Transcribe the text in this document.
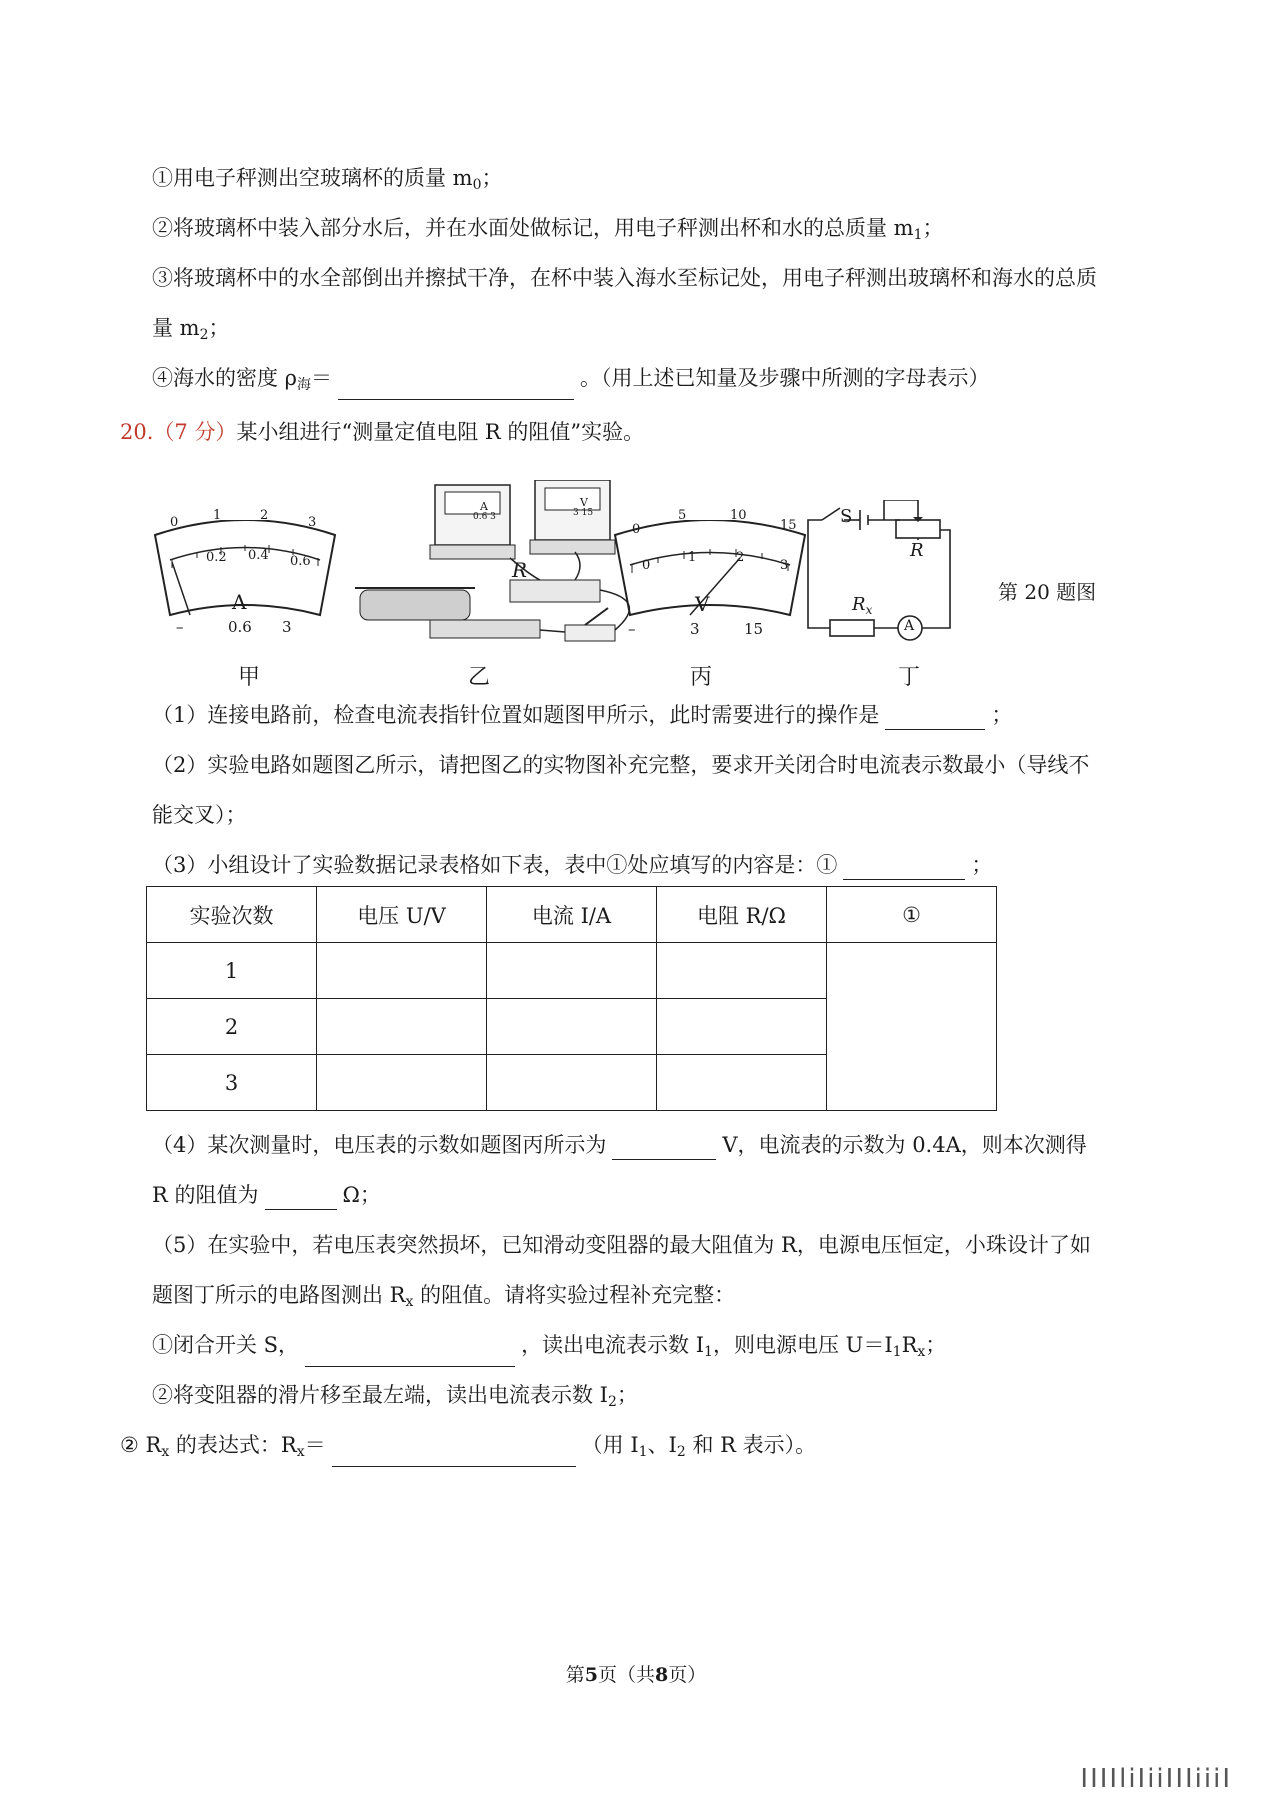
①用电子秤测出空玻璃杯的质量 $m_0$；
②将玻璃杯中装入部分水后，并在水面处做标记，用电子秤测出杯和水的总质量 $m_1$；
③将玻璃杯中的水全部倒出并擦拭干净，在杯中装入海水至标记处，用电子秤测出玻璃杯和海水的总质
量 $m_2$；
④海水的密度 $\rho_海=$	。（用上述已知量及步骤中所测的字母表示）
20.（7 分）某小组进行“测量定值电阻 R 的阻值”实验。
0	1	2	3
0.2 0.4 0.6
A
–	0.6 3
甲
R
A	V
0.6 3	3 15
乙
0
5	10
15
0
1	2
3
V
–	3	15
丙
S
R
$R_x$
A
丁
第 20 题图
（1）连接电路前，检查电流表指针位置如题图甲所示，此时需要进行的操作是	；
（2）实验电路如题图乙所示，请把图乙的实物图补充完整，要求开关闭合时电流表示数最小（导线不
能交叉）；
（3）小组设计了实验数据记录表格如下表，表中①处应填写的内容是：①	；
实验次数	电压 U/V	电流 I/A	电阻 R/Ω	①
1				
2				
3				
（4）某次测量时，电压表的示数如题图丙所示为	V，电流表的示数为 0.4A，则本次测得
R 的阻值为	Ω；
（5）在实验中，若电压表突然损坏，已知滑动变阻器的最大阻值为 R，电源电压恒定，小珠设计了如
题图丁所示的电路图测出 $R_x$ 的阻值。请将实验过程补充完整：
①闭合开关 S，	，读出电流表示数 $I_1$，则电源电压 $U=I_1R_x$；
②将变阻器的滑片移至最左端，读出电流表示数 $I_2$；
② $R_x$ 的表达式：$R_x=$	（用 $I_1$、$I_2$ 和 R 表示）。
第5页（共8页）
IIIIliIiiIIIiiiI
